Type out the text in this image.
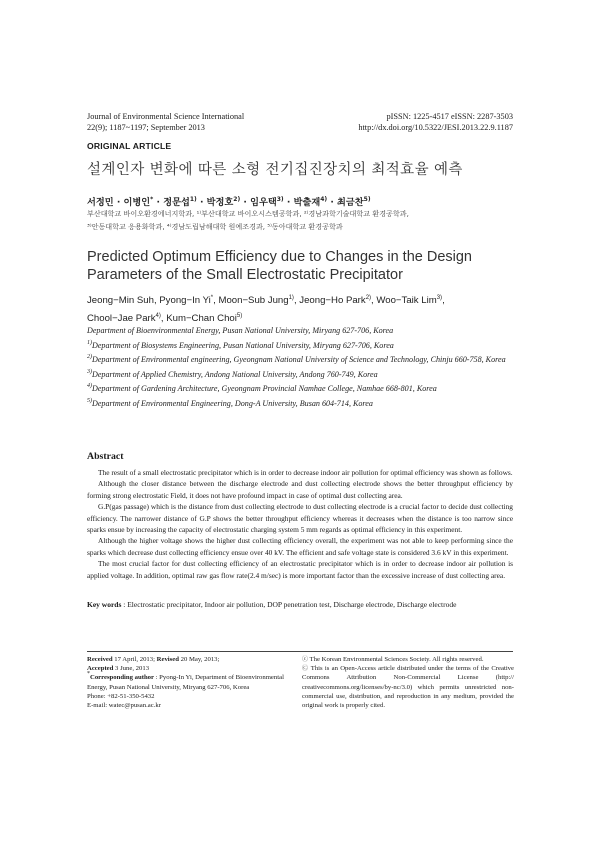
Journal of Environmental Science International
22(9); 1187~1197; September 2013
pISSN: 1225-4517 eISSN: 2287-3503
http://dx.doi.org/10.5322/JESI.2013.22.9.1187
ORIGINAL ARTICLE
설계인자 변화에 따른 소형 전기집진장치의 최적효율 예측
서정민 · 이병인* · 정문섭$^{1)}$ · 박정호$^{2)}$ · 임우택$^{3)}$ · 박출재$^{4)}$ · 최금찬$^{5)}$
부산대학교 바이오환경에너지학과, ¹⁾부산대학교 바이오시스템공학과, ²⁾경남과학기술대학교 환경공학과,
³⁾안동대학교 응용화학과, ⁴⁾경남도립남해대학 원예조경과, ⁵⁾동아대학교 환경공학과
Predicted Optimum Efficiency due to Changes in the Design Parameters of the Small Electrostatic Precipitator
Jeong−Min Suh, Pyong−In Yi*, Moon−Sub Jung$^{1)}$, Jeong−Ho Park$^{2)}$, Woo−Taik Lim$^{3)}$,
Chool−Jae Park$^{4)}$, Kum−Chan Choi$^{5)}$

Department of Bioenvironmental Energy, Pusan National University, Miryang 627-706, Korea

$^{1)}$Department of Biosystems Engineering, Pusan National University, Miryang 627-706, Korea

$^{2)}$Department of Environmental engineering, Gyeongnam National University of Science and Technology, Chinju 660-758, Korea

$^{3)}$Department of Applied Chemistry, Andong National University, Andong 760-749, Korea

$^{4)}$Department of Gardening Architecture, Gyeongnam Provincial Namhae College, Namhae 668-801, Korea

$^{5)}$Department of Environmental Engineering, Dong-A University, Busan 604-714, Korea

Abstract

The result of a small electrostatic precipitator which is in order to decrease indoor air pollution for optimal efficiency was shown as follows.

Although the closer distance between the discharge electrode and dust collecting electrode shows the better throughput efficiency by forming strong electrostatic Field, it does not have profound impact in case of optimal dust collecting area.

G.P(gas passage) which is the distance from dust collecting electrode to dust collecting electrode is a crucial factor to decide dust collecting efficiency. The narrower distance of G.P shows the better throughput efficiency whereas it decreases when the distance is too narrow since sparks ensue by increasing the capacity of electrostatic charging system 5 mm regards as optimal efficiency in this experiment.

Although the higher voltage shows the higher dust collecting efficiency overall, the experiment was not able to keep performing since the sparks which decrease dust collecting efficiency ensue over 40 kV. The efficient and safe voltage state is considered 3.6 kV in this experiment.

The most crucial factor for dust collecting efficiency of an electrostatic precipitator which is in order to decrease indoor air pollution is applied voltage. In addition, optimal raw gas flow rate(2.4 m/sec) is more important factor than the excessive increase of dust collecting area.

Key words : Electrostatic precipitator, Indoor air pollution, DOP penetration test, Discharge electrode, Discharge electrode
Received 17 April, 2013; Revised 20 May, 2013;
Accepted 3 June, 2013
*Corresponding author : Pyong-In Yi, Department of Bioenvironmental Energy, Pusan National University, Miryang 627-706, Korea
Phone: +82-51-350-5432
E-mail: watec@pusan.ac.kr
ⓒ The Korean Environmental Sciences Society. All rights reserved.
Ⓒ This is an Open-Access article distributed under the terms of the Creative Commons Attribution Non-Commercial License (http:// creativecommons.org/licenses/by-nc/3.0) which permits unrestricted non-commercial use, distribution, and reproduction in any medium, provided the original work is properly cited.
